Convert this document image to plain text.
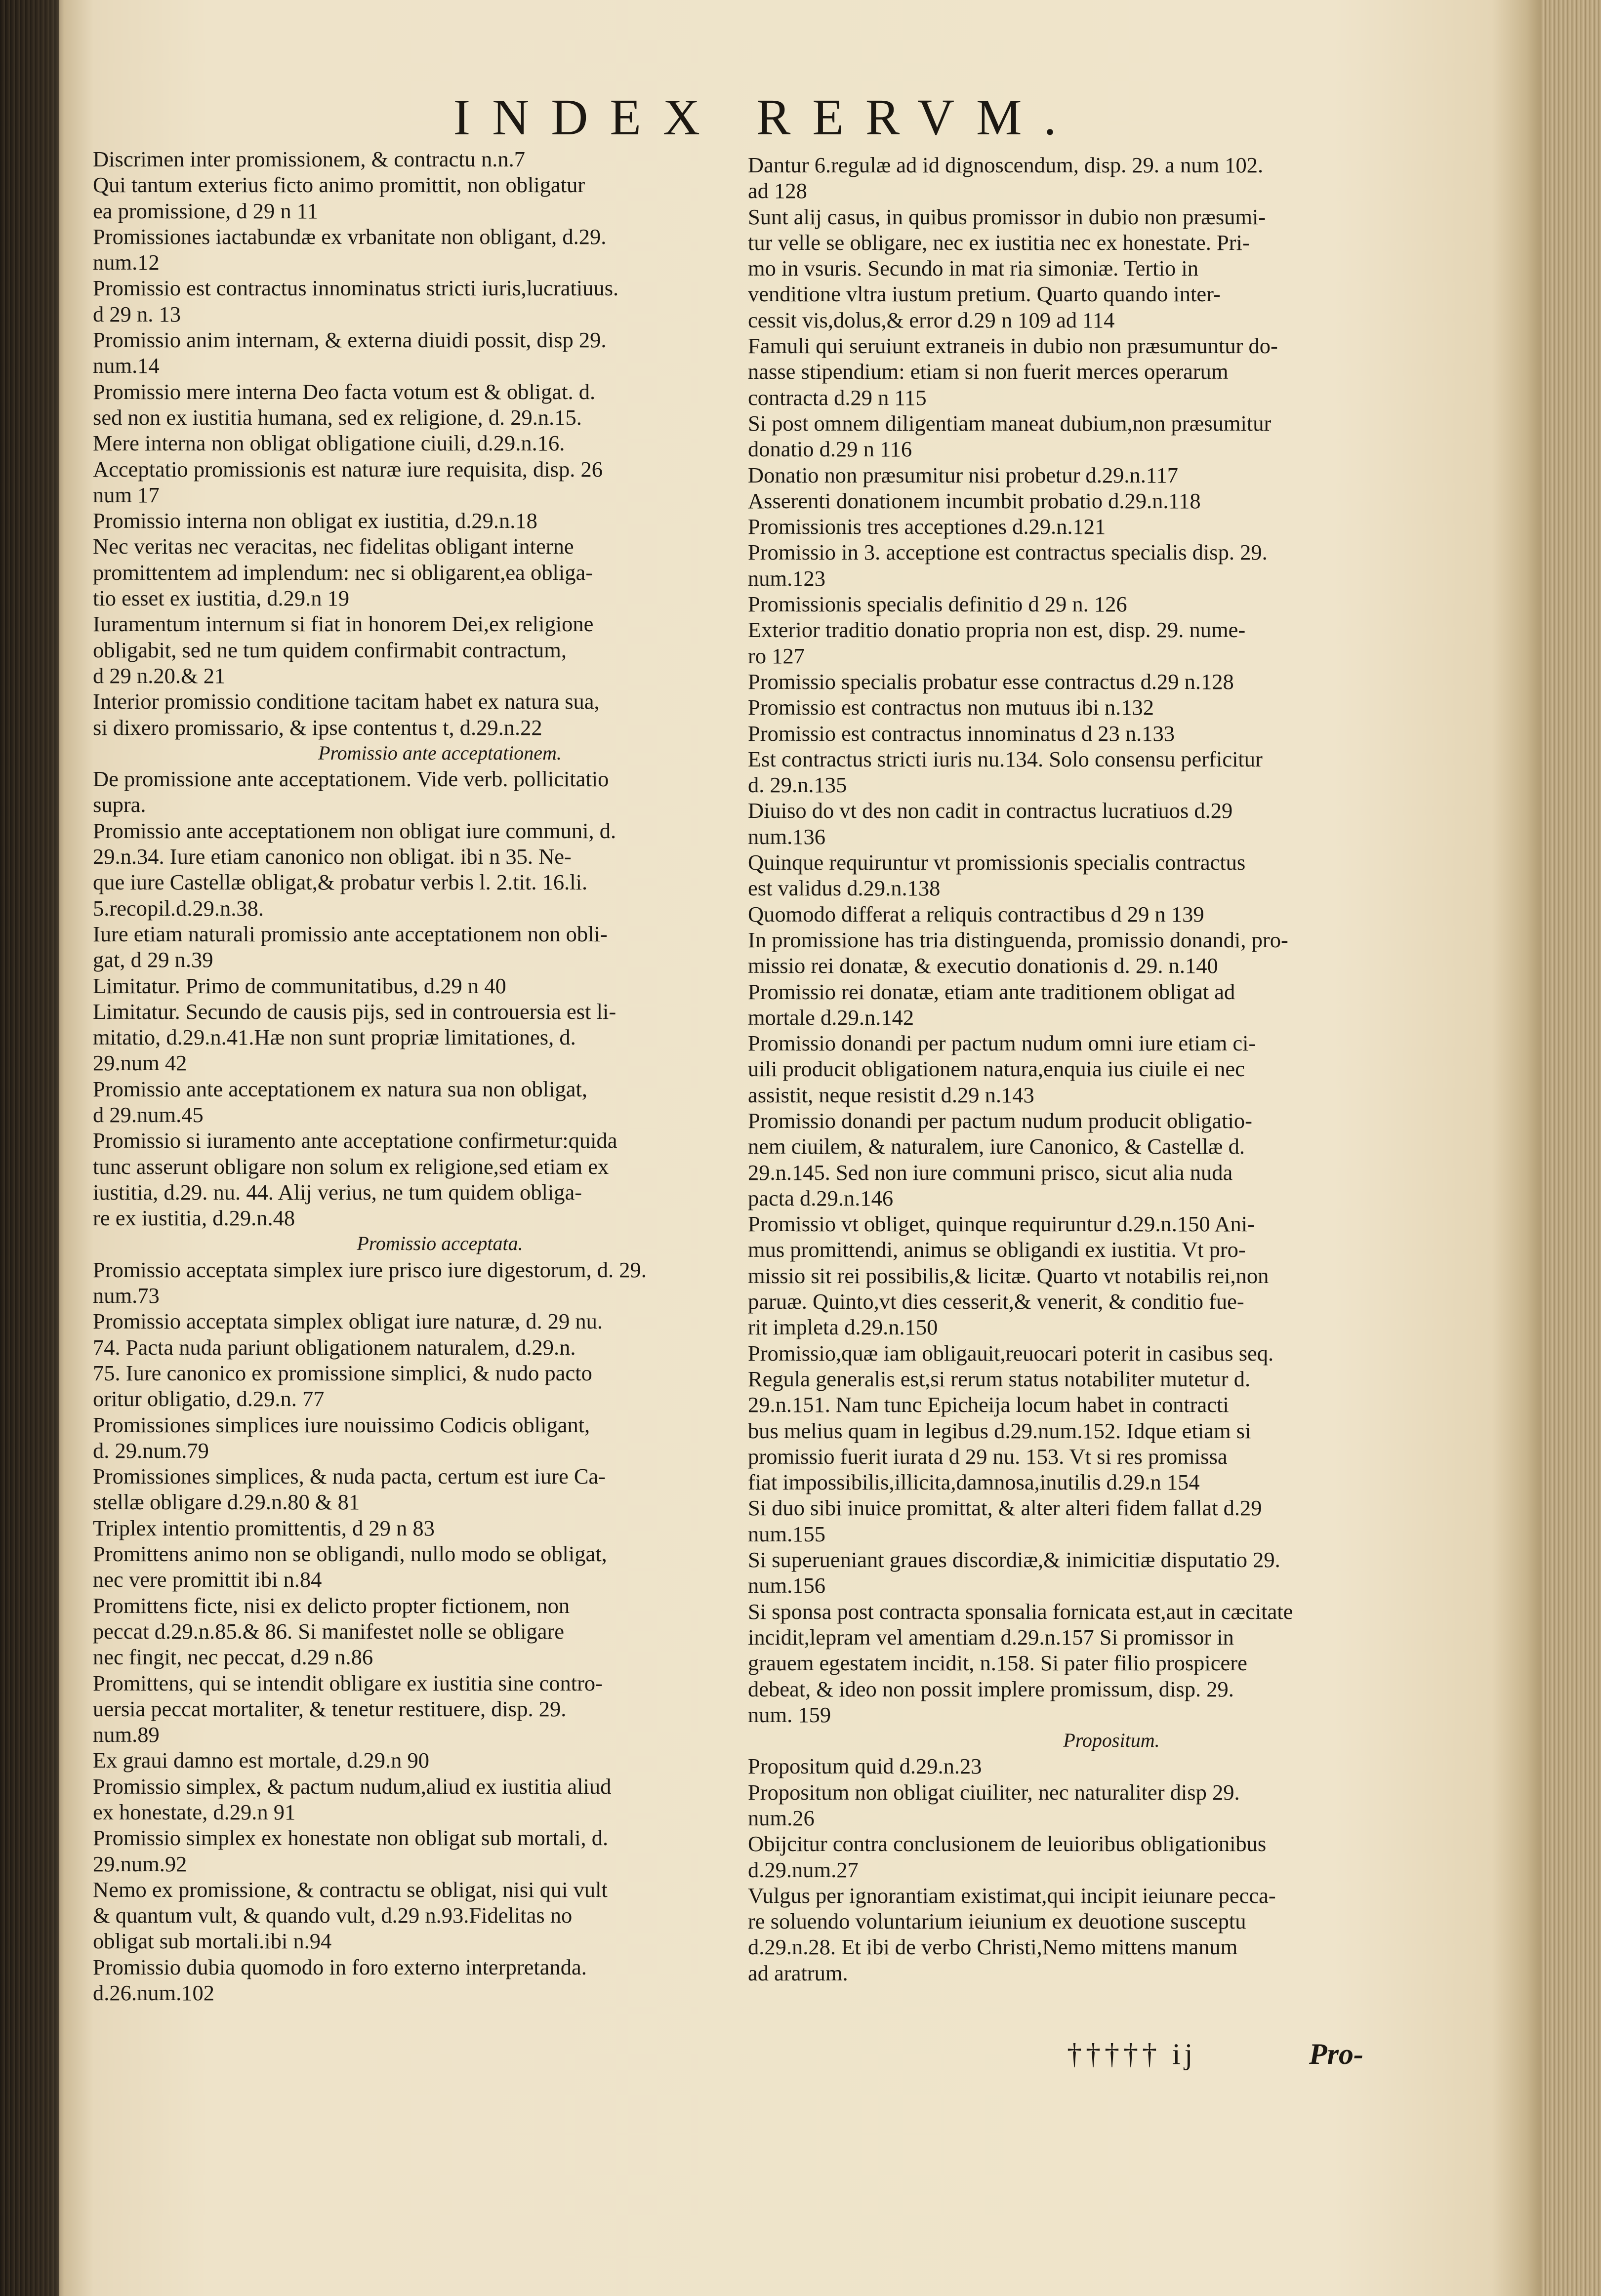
INDEX RERVM.
Discrimen inter promissionem, & contractu n.n.7
Qui tantum exterius ficto animo promittit, non obligatur
ea promissione, d 29 n 11
Promissiones iactabundæ ex vrbanitate non obligant, d.29.
num.12
Promissio est contractus innominatus stricti iuris,lucratiuus.
d 29 n. 13
Promissio anim internam, & externa diuidi possit, disp 29.
num.14
Promissio mere interna Deo facta votum est & obligat. d.
sed non ex iustitia humana, sed ex religione, d. 29.n.15.
Mere interna non obligat obligatione ciuili, d.29.n.16.
Acceptatio promissionis est naturæ iure requisita, disp. 26
num 17
Promissio interna non obligat ex iustitia, d.29.n.18
Nec veritas nec veracitas, nec fidelitas obligant interne
promittentem ad implendum: nec si obligarent,ea obliga-
tio esset ex iustitia, d.29.n 19
Iuramentum internum si fiat in honorem Dei,ex religione
obligabit, sed ne tum quidem confirmabit contractum,
d 29 n.20.& 21
Interior promissio conditione tacitam habet ex natura sua,
si dixero promissario, & ipse contentus t, d.29.n.22
Promissio ante acceptationem.
De promissione ante acceptationem. Vide verb. pollicitatio
supra.
Promissio ante acceptationem non obligat iure communi, d.
29.n.34. Iure etiam canonico non obligat. ibi n 35. Ne-
que iure Castellæ obligat,& probatur verbis l. 2.tit. 16.li.
5.recopil.d.29.n.38.
Iure etiam naturali promissio ante acceptationem non obli-
gat, d 29 n.39
Limitatur. Primo de communitatibus, d.29 n 40
Limitatur. Secundo de causis pijs, sed in controuersia est li-
mitatio, d.29.n.41.Hæ non sunt propriæ limitationes, d.
29.num 42
Promissio ante acceptationem ex natura sua non obligat,
d 29.num.45
Promissio si iuramento ante acceptatione confirmetur:quida
tunc asserunt obligare non solum ex religione,sed etiam ex
iustitia, d.29. nu. 44. Alij verius, ne tum quidem obliga-
re ex iustitia, d.29.n.48
Promissio acceptata.
Promissio acceptata simplex iure prisco iure digestorum, d. 29.
num.73
Promissio acceptata simplex obligat iure naturæ, d. 29 nu.
74. Pacta nuda pariunt obligationem naturalem, d.29.n.
75. Iure canonico ex promissione simplici, & nudo pacto
oritur obligatio, d.29.n. 77
Promissiones simplices iure nouissimo Codicis obligant,
d. 29.num.79
Promissiones simplices, & nuda pacta, certum est iure Ca-
stellæ obligare d.29.n.80 & 81
Triplex intentio promittentis, d 29 n 83
Promittens animo non se obligandi, nullo modo se obligat,
nec vere promittit ibi n.84
Promittens ficte, nisi ex delicto propter fictionem, non
peccat d.29.n.85.& 86. Si manifestet nolle se obligare
nec fingit, nec peccat, d.29 n.86
Promittens, qui se intendit obligare ex iustitia sine contro-
uersia peccat mortaliter, & tenetur restituere, disp. 29.
num.89
Ex graui damno est mortale, d.29.n 90
Promissio simplex, & pactum nudum,aliud ex iustitia aliud
ex honestate, d.29.n 91
Promissio simplex ex honestate non obligat sub mortali, d.
29.num.92
Nemo ex promissione, & contractu se obligat, nisi qui vult
& quantum vult, & quando vult, d.29 n.93.Fidelitas no
obligat sub mortali.ibi n.94
Promissio dubia quomodo in foro externo interpretanda.
d.26.num.102
Dantur 6.regulæ ad id dignoscendum, disp. 29. a num 102.
ad 128
Sunt alij casus, in quibus promissor in dubio non præsumi-
tur velle se obligare, nec ex iustitia nec ex honestate. Pri-
mo in vsuris. Secundo in mat ria simoniæ. Tertio in
venditione vltra iustum pretium. Quarto quando inter-
cessit vis,dolus,& error d.29 n 109 ad 114
Famuli qui seruiunt extraneis in dubio non præsumuntur do-
nasse stipendium: etiam si non fuerit merces operarum
contracta d.29 n 115
Si post omnem diligentiam maneat dubium,non præsumitur
donatio d.29 n 116
Donatio non præsumitur nisi probetur d.29.n.117
Asserenti donationem incumbit probatio d.29.n.118
Promissionis tres acceptiones d.29.n.121
Promissio in 3. acceptione est contractus specialis disp. 29.
num.123
Promissionis specialis definitio d 29 n. 126
Exterior traditio donatio propria non est, disp. 29. nume-
ro 127
Promissio specialis probatur esse contractus d.29 n.128
Promissio est contractus non mutuus ibi n.132
Promissio est contractus innominatus d 23 n.133
Est contractus stricti iuris nu.134. Solo consensu perficitur
d. 29.n.135
Diuiso do vt des non cadit in contractus lucratiuos d.29
num.136
Quinque requiruntur vt promissionis specialis contractus
est validus d.29.n.138
Quomodo differat a reliquis contractibus d 29 n 139
In promissione has tria distinguenda, promissio donandi, pro-
missio rei donatæ, & executio donationis d. 29. n.140
Promissio rei donatæ, etiam ante traditionem obligat ad
mortale d.29.n.142
Promissio donandi per pactum nudum omni iure etiam ci-
uili producit obligationem natura,enquia ius ciuile ei nec
assistit, neque resistit d.29 n.143
Promissio donandi per pactum nudum producit obligatio-
nem ciuilem, & naturalem, iure Canonico, & Castellæ d.
29.n.145. Sed non iure communi prisco, sicut alia nuda
pacta d.29.n.146
Promissio vt obliget, quinque requiruntur d.29.n.150 Ani-
mus promittendi, animus se obligandi ex iustitia. Vt pro-
missio sit rei possibilis,& licitæ. Quarto vt notabilis rei,non
paruæ. Quinto,vt dies cesserit,& venerit, & conditio fue-
rit impleta d.29.n.150
Promissio,quæ iam obligauit,reuocari poterit in casibus seq.
Regula generalis est,si rerum status notabiliter mutetur d.
29.n.151. Nam tunc Epicheija locum habet in contracti
bus melius quam in legibus d.29.num.152. Idque etiam si
promissio fuerit iurata d 29 nu. 153. Vt si res promissa
fiat impossibilis,illicita,damnosa,inutilis d.29.n 154
Si duo sibi inuice promittat, & alter alteri fidem fallat d.29
num.155
Si superueniant graues discordiæ,& inimicitiæ disputatio 29.
num.156
Si sponsa post contracta sponsalia fornicata est,aut in cæcitate
incidit,lepram vel amentiam d.29.n.157 Si promissor in
grauem egestatem incidit, n.158. Si pater filio prospicere
debeat, & ideo non possit implere promissum, disp. 29.
num. 159
Propositum.
Propositum quid d.29.n.23
Propositum non obligat ciuiliter, nec naturaliter disp 29.
num.26
Obijcitur contra conclusionem de leuioribus obligationibus
d.29.num.27
Vulgus per ignorantiam existimat,qui incipit ieiunare pecca-
re soluendo voluntarium ieiunium ex deuotione susceptu
d.29.n.28. Et ibi de verbo Christi,Nemo mittens manum
ad aratrum.
††††† ij	Pro-
